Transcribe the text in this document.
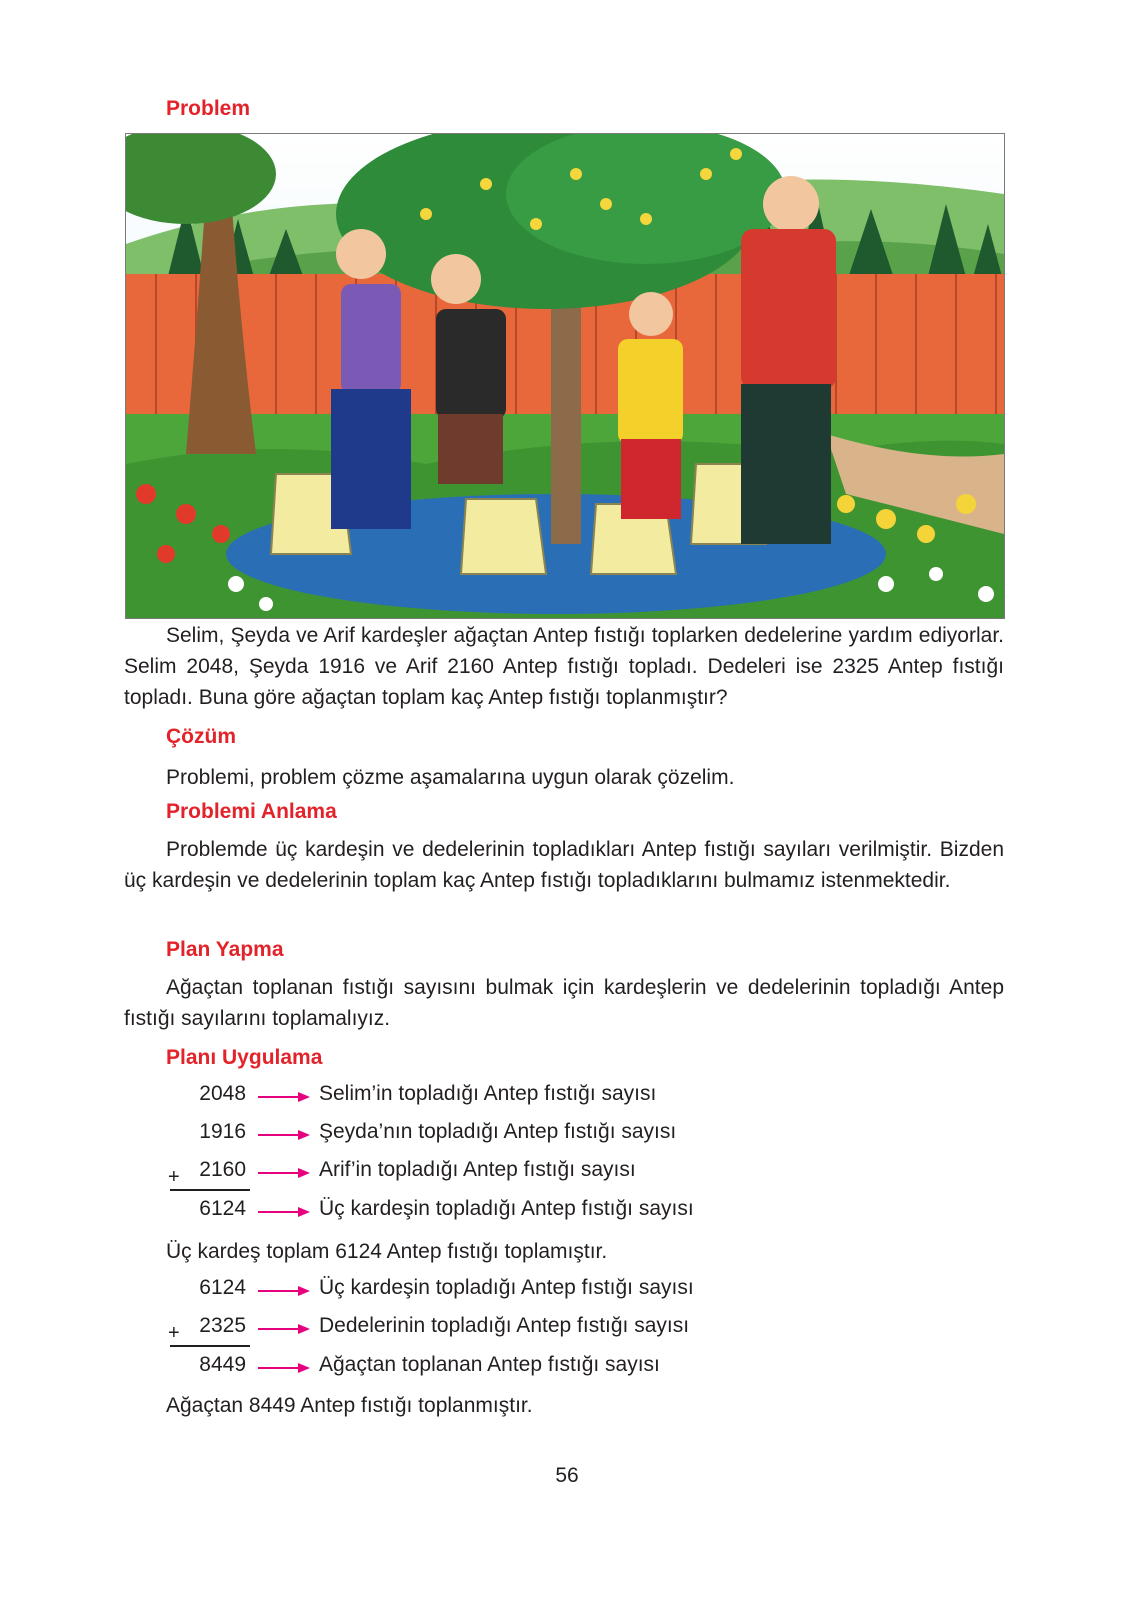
Problem
Selim, Şeyda ve Arif kardeşler ağaçtan Antep fıstığı toplarken dedelerine yardım ediyorlar. Selim 2048, Şeyda 1916 ve Arif 2160 Antep fıstığı topladı. Dedeleri ise 2325 Antep fıstığı topladı. Buna göre ağaçtan toplam kaç Antep fıstığı toplanmıştır?
Çözüm
Problemi, problem çözme aşamalarına uygun olarak çözelim.
Problemi Anlama
Problemde üç kardeşin ve dedelerinin topladıkları Antep fıstığı sayıları verilmiştir. Bizden üç kardeşin ve dedelerinin toplam kaç Antep fıstığı topladıklarını bulmamız istenmektedir.
Plan Yapma
Ağaçtan toplanan fıstığı sayısını bulmak için kardeşlerin ve dedelerinin topladığı Antep fıstığı sayılarını toplamalıyız.
Planı Uygulama
2048	Selim’in topladığı Antep fıstığı sayısı
1916	Şeyda’nın topladığı Antep fıstığı sayısı
+ 2160	Arif’in topladığı Antep fıstığı sayısı
6124	Üç kardeşin topladığı Antep fıstığı sayısı
Üç kardeş toplam 6124 Antep fıstığı toplamıştır.
6124	Üç kardeşin topladığı Antep fıstığı sayısı
+ 2325	Dedelerinin topladığı Antep fıstığı sayısı
8449	Ağaçtan toplanan Antep fıstığı sayısı
Ağaçtan 8449 Antep fıstığı toplanmıştır.
56
